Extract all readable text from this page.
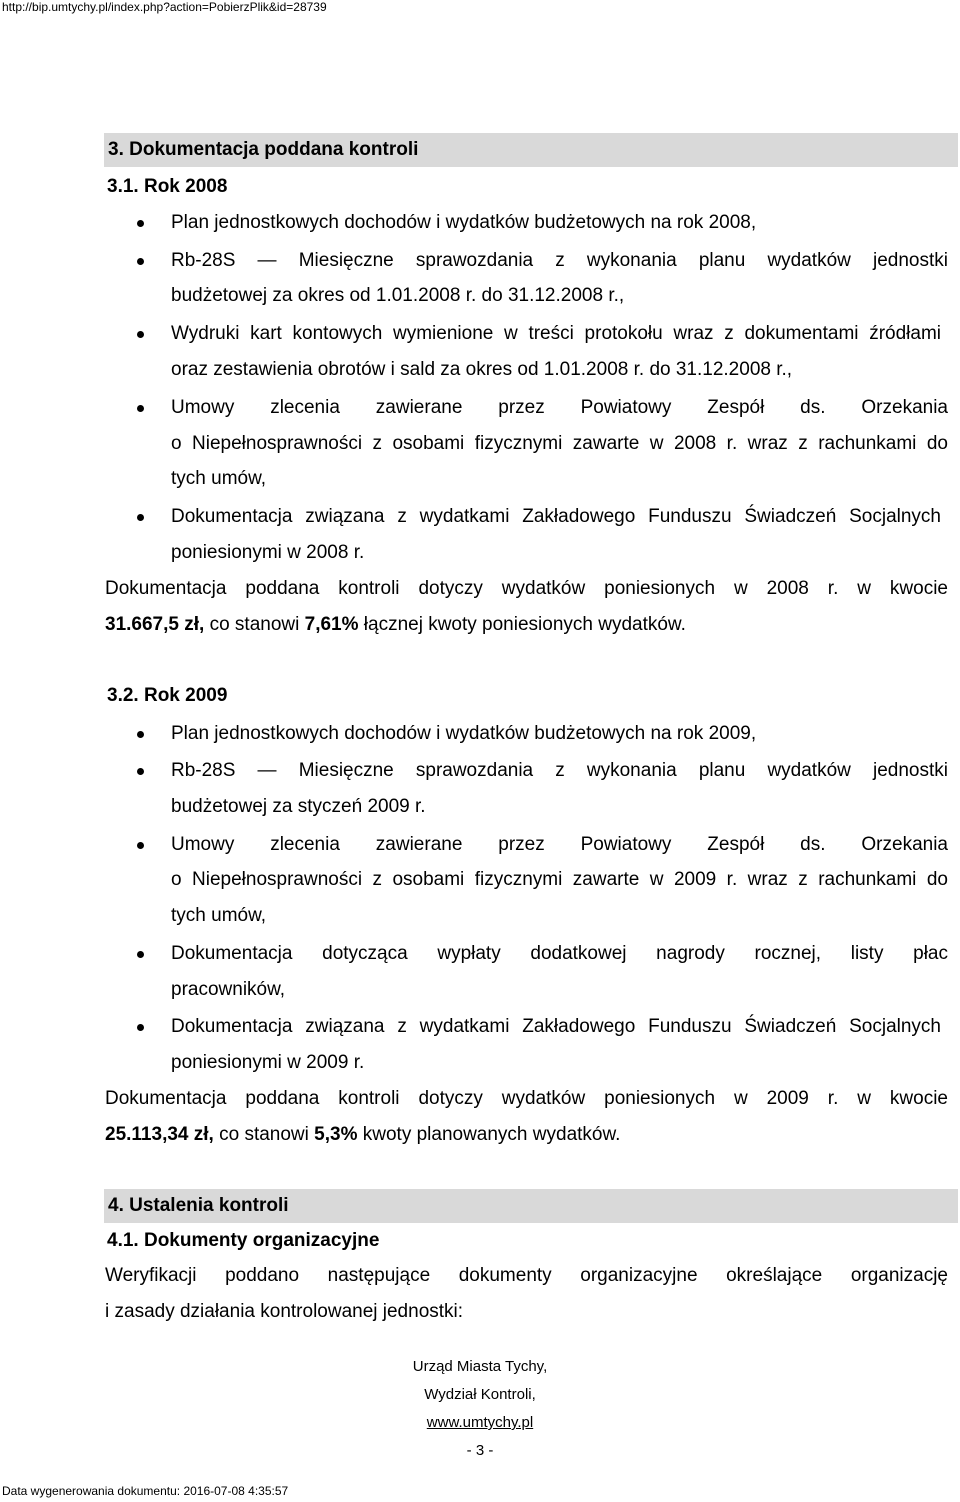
http://bip.umtychy.pl/index.php?action=PobierzPlik&id=28739
3. Dokumentacja poddana kontroli
3.1. Rok 2008
Plan jednostkowych dochodów i wydatków budżetowych na rok 2008,
Rb-28S — Miesięczne sprawozdania z wykonania planu wydatków jednostki
budżetowej za okres od 1.01.2008 r. do 31.12.2008 r.,
Wydruki kart kontowych wymienione w treści protokołu wraz z dokumentami źródłami
oraz zestawienia obrotów i sald za okres od 1.01.2008 r. do 31.12.2008 r.,
Umowy zlecenia zawierane przez Powiatowy Zespół ds. Orzekania
o Niepełnosprawności z osobami fizycznymi zawarte w 2008 r. wraz z rachunkami do
tych umów,
Dokumentacja związana z wydatkami Zakładowego Funduszu Świadczeń Socjalnych
poniesionymi w 2008 r.
Dokumentacja poddana kontroli dotyczy wydatków poniesionych w 2008 r. w kwocie
31.667,5 zł, co stanowi 7,61% łącznej kwoty poniesionych wydatków.
3.2. Rok 2009
Plan jednostkowych dochodów i wydatków budżetowych na rok 2009,
Rb-28S — Miesięczne sprawozdania z wykonania planu wydatków jednostki
budżetowej za styczeń 2009 r.
Umowy zlecenia zawierane przez Powiatowy Zespół ds. Orzekania
o Niepełnosprawności z osobami fizycznymi zawarte w 2009 r. wraz z rachunkami do
tych umów,
Dokumentacja dotycząca wypłaty dodatkowej nagrody rocznej, listy płac
pracowników,
Dokumentacja związana z wydatkami Zakładowego Funduszu Świadczeń Socjalnych
poniesionymi w 2009 r.
Dokumentacja poddana kontroli dotyczy wydatków poniesionych w 2009 r. w kwocie
25.113,34 zł, co stanowi 5,3% kwoty planowanych wydatków.
4. Ustalenia kontroli
4.1. Dokumenty organizacyjne
Weryfikacji poddano następujące dokumenty organizacyjne określające organizację
i zasady działania kontrolowanej jednostki:
Urząd Miasta Tychy,
Wydział Kontroli,
www.umtychy.pl
- 3 -
Data wygenerowania dokumentu: 2016-07-08 4:35:57
